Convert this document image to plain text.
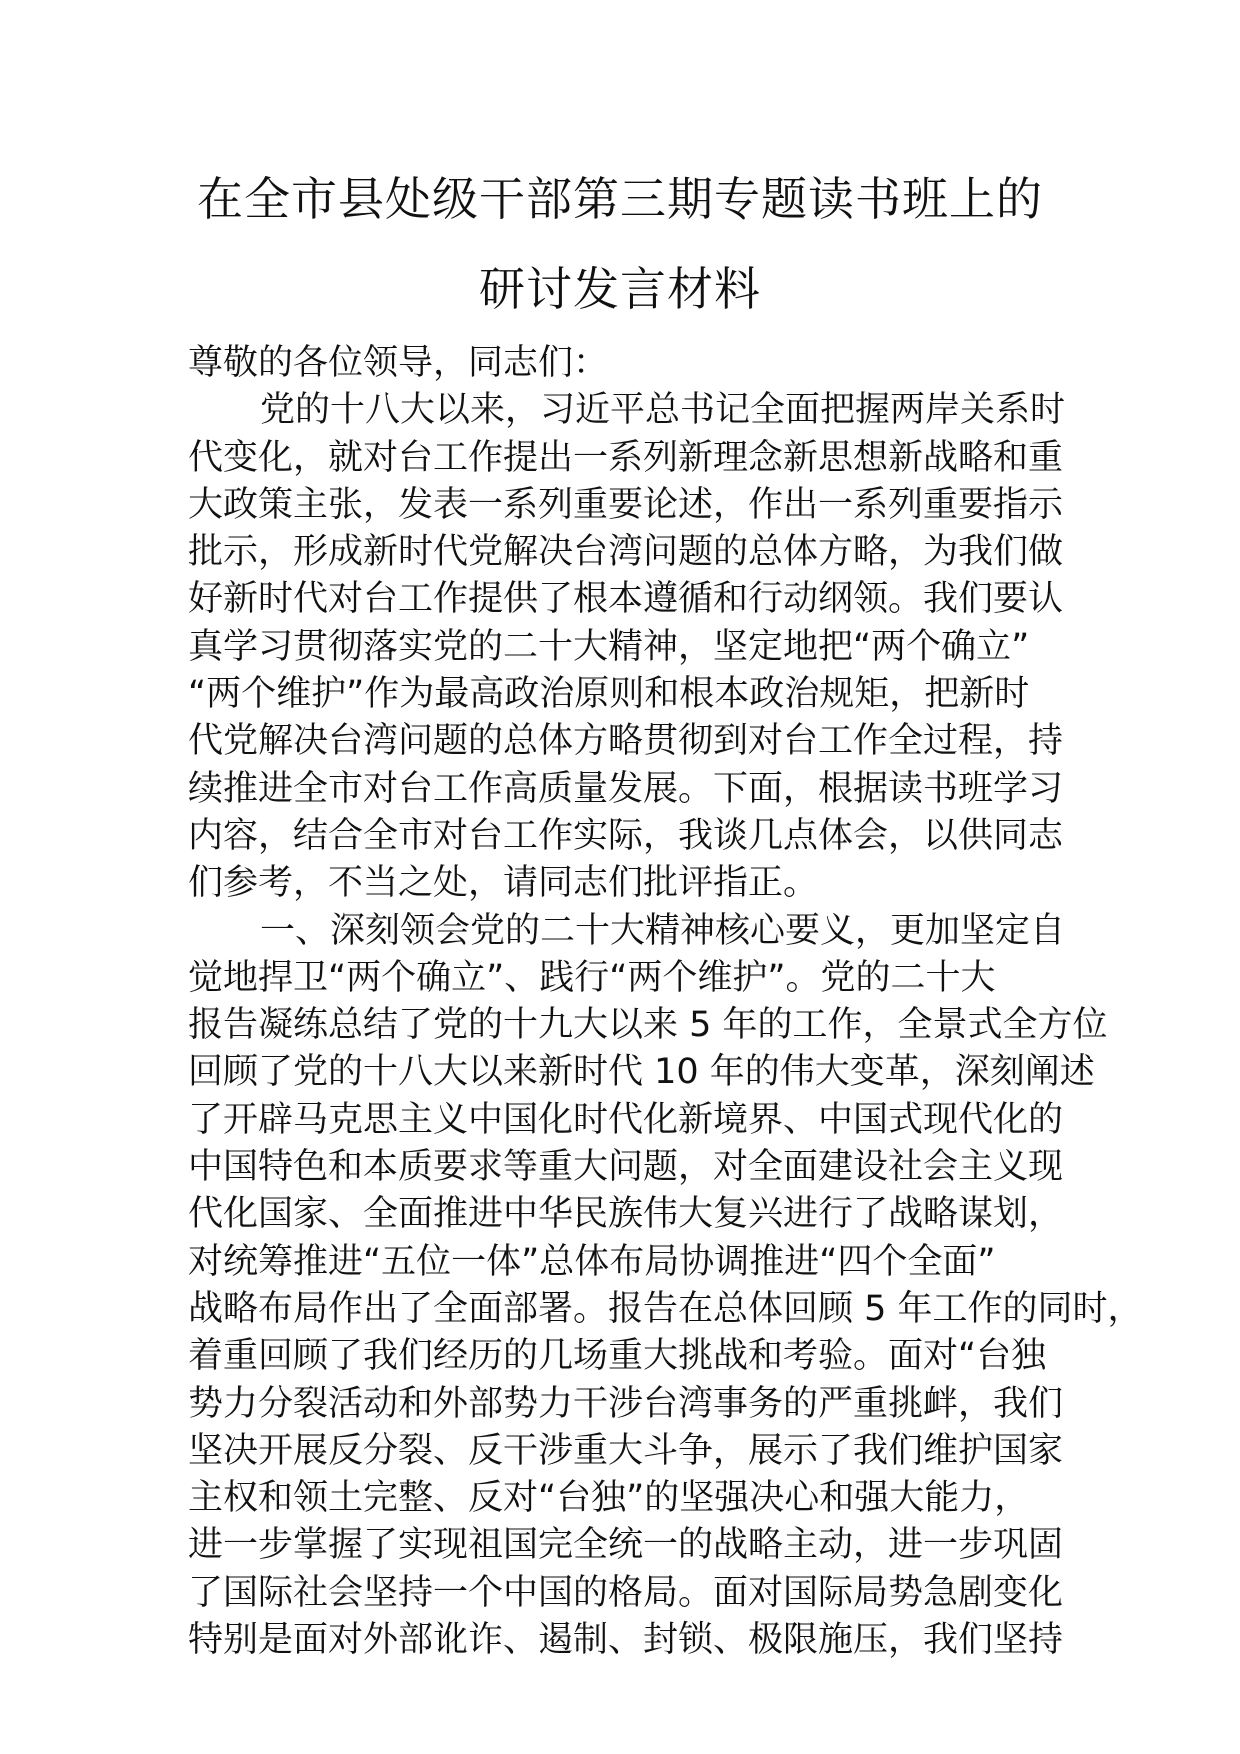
在全市县处级干部第三期专题读书班上的
研讨发言材料
尊敬的各位领导，同志们：
党的十八大以来，习近平总书记全面把握两岸关系时
代变化，就对台工作提出一系列新理念新思想新战略和重
大政策主张，发表一系列重要论述，作出一系列重要指示
批示，形成新时代党解决台湾问题的总体方略，为我们做
好新时代对台工作提供了根本遵循和行动纲领。我们要认
真学习贯彻落实党的二十大精神，坚定地把“两个确立”
“两个维护”作为最高政治原则和根本政治规矩，把新时
代党解决台湾问题的总体方略贯彻到对台工作全过程，持
续推进全市对台工作高质量发展。下面，根据读书班学习
内容，结合全市对台工作实际，我谈几点体会，以供同志
们参考，不当之处，请同志们批评指正。
一、深刻领会党的二十大精神核心要义，更加坚定自
觉地捍卫“两个确立”、践行“两个维护”。党的二十大
报告凝练总结了党的十九大以来 5 年的工作，全景式全方位
回顾了党的十八大以来新时代 10 年的伟大变革，深刻阐述
了开辟马克思主义中国化时代化新境界、中国式现代化的
中国特色和本质要求等重大问题，对全面建设社会主义现
代化国家、全面推进中华民族伟大复兴进行了战略谋划，
对统筹推进“五位一体”总体布局协调推进“四个全面”
战略布局作出了全面部署。报告在总体回顾 5 年工作的同时，
着重回顾了我们经历的几场重大挑战和考验。面对“台独
势力分裂活动和外部势力干涉台湾事务的严重挑衅，我们
坚决开展反分裂、反干涉重大斗争，展示了我们维护国家
主权和领土完整、反对“台独”的坚强决心和强大能力，
进一步掌握了实现祖国完全统一的战略主动，进一步巩固
了国际社会坚持一个中国的格局。面对国际局势急剧变化
特别是面对外部讹诈、遏制、封锁、极限施压，我们坚持
